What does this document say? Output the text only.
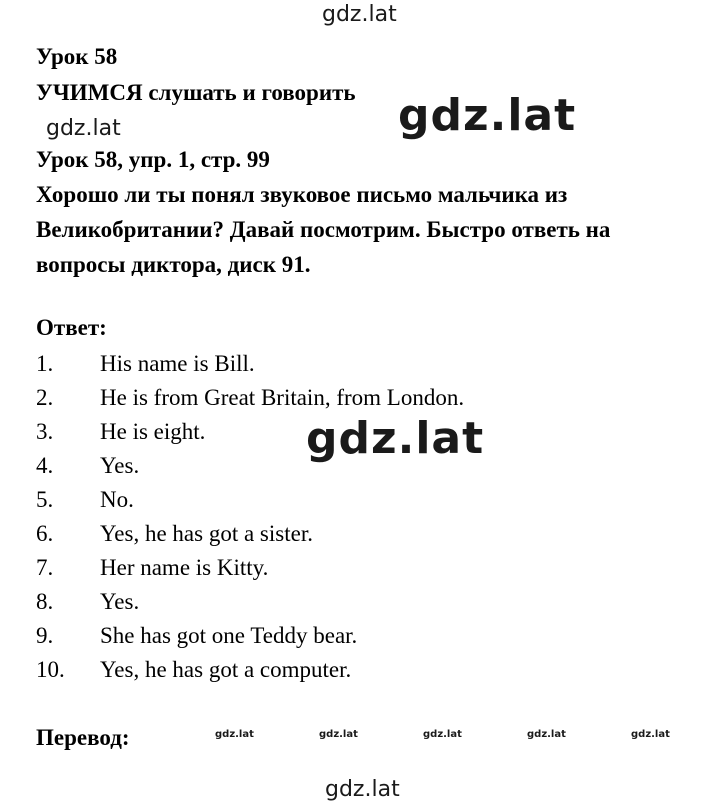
gdz.lat
gdz.lat	gdz.lat
gdz.lat
gdz.lat
Урок 58
УЧИМСЯ слушать и говорить
Урок 58, упр. 1, стр. 99
Хорошо ли ты понял звуковое письмо мальчика из Великобритании? Давай посмотрим. Быстро ответь на вопросы диктора, диск 91.
Ответ:
1. His name is Bill.
2. He is from Great Britain, from London.
3. He is eight.
4. Yes.
5. No.
6. Yes, he has got a sister.
7. Her name is Kitty.
8. Yes.
9. She has got one Teddy bear.
10. Yes, he has got a computer.
Перевод:	gdz.lat	gdz.lat	gdz.lat	gdz.lat	gdz.lat
